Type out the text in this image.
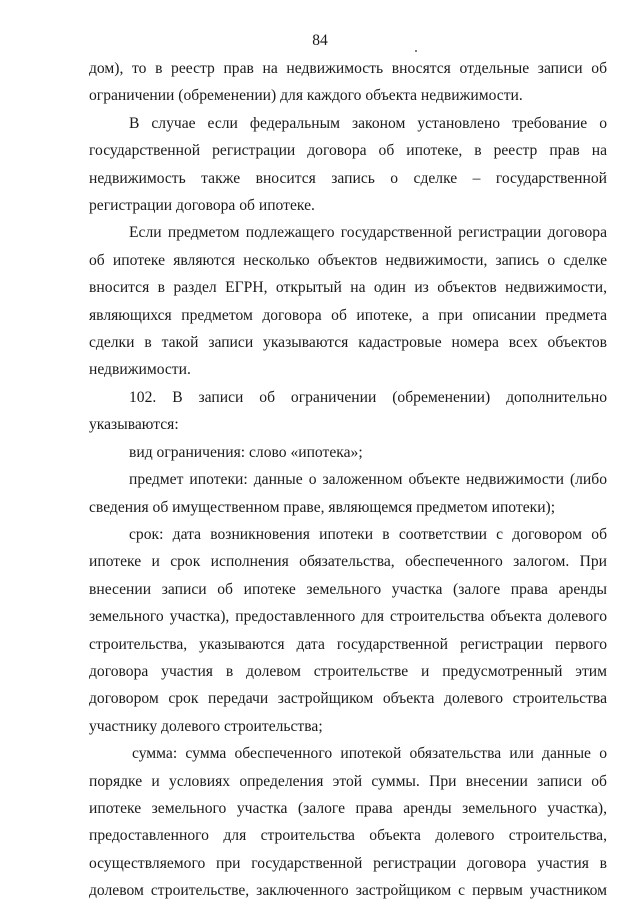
84

дом), то в реестр прав на недвижимость вносятся отдельные записи об ограничении (обременении) для каждого объекта недвижимости.

В случае если федеральным законом установлено требование о государственной регистрации договора об ипотеке, в реестр прав на недвижимость также вносится запись о сделке – государственной регистрации договора об ипотеке.

Если предметом подлежащего государственной регистрации договора об ипотеке являются несколько объектов недвижимости, запись о сделке вносится в раздел ЕГРН, открытый на один из объектов недвижимости, являющихся предметом договора об ипотеке, а при описании предмета сделки в такой записи указываются кадастровые номера всех объектов недвижимости.

102. В записи об ограничении (обременении) дополнительно указываются:

вид ограничения: слово «ипотека»;

предмет ипотеки: данные о заложенном объекте недвижимости (либо сведения об имущественном праве, являющемся предметом ипотеки);

срок: дата возникновения ипотеки в соответствии с договором об ипотеке и срок исполнения обязательства, обеспеченного залогом. При внесении записи об ипотеке земельного участка (залоге права аренды земельного участка), предоставленного для строительства объекта долевого строительства, указываются дата государственной регистрации первого договора участия в долевом строительстве и предусмотренный этим договором срок передачи застройщиком объекта долевого строительства участнику долевого строительства;

сумма: сумма обеспеченного ипотекой обязательства или данные о порядке и условиях определения этой суммы. При внесении записи об ипотеке земельного участка (залоге права аренды земельного участка), предоставленного для строительства объекта долевого строительства, осуществляемого при государственной регистрации договора участия в долевом строительстве, заключенного застройщиком с первым участником
